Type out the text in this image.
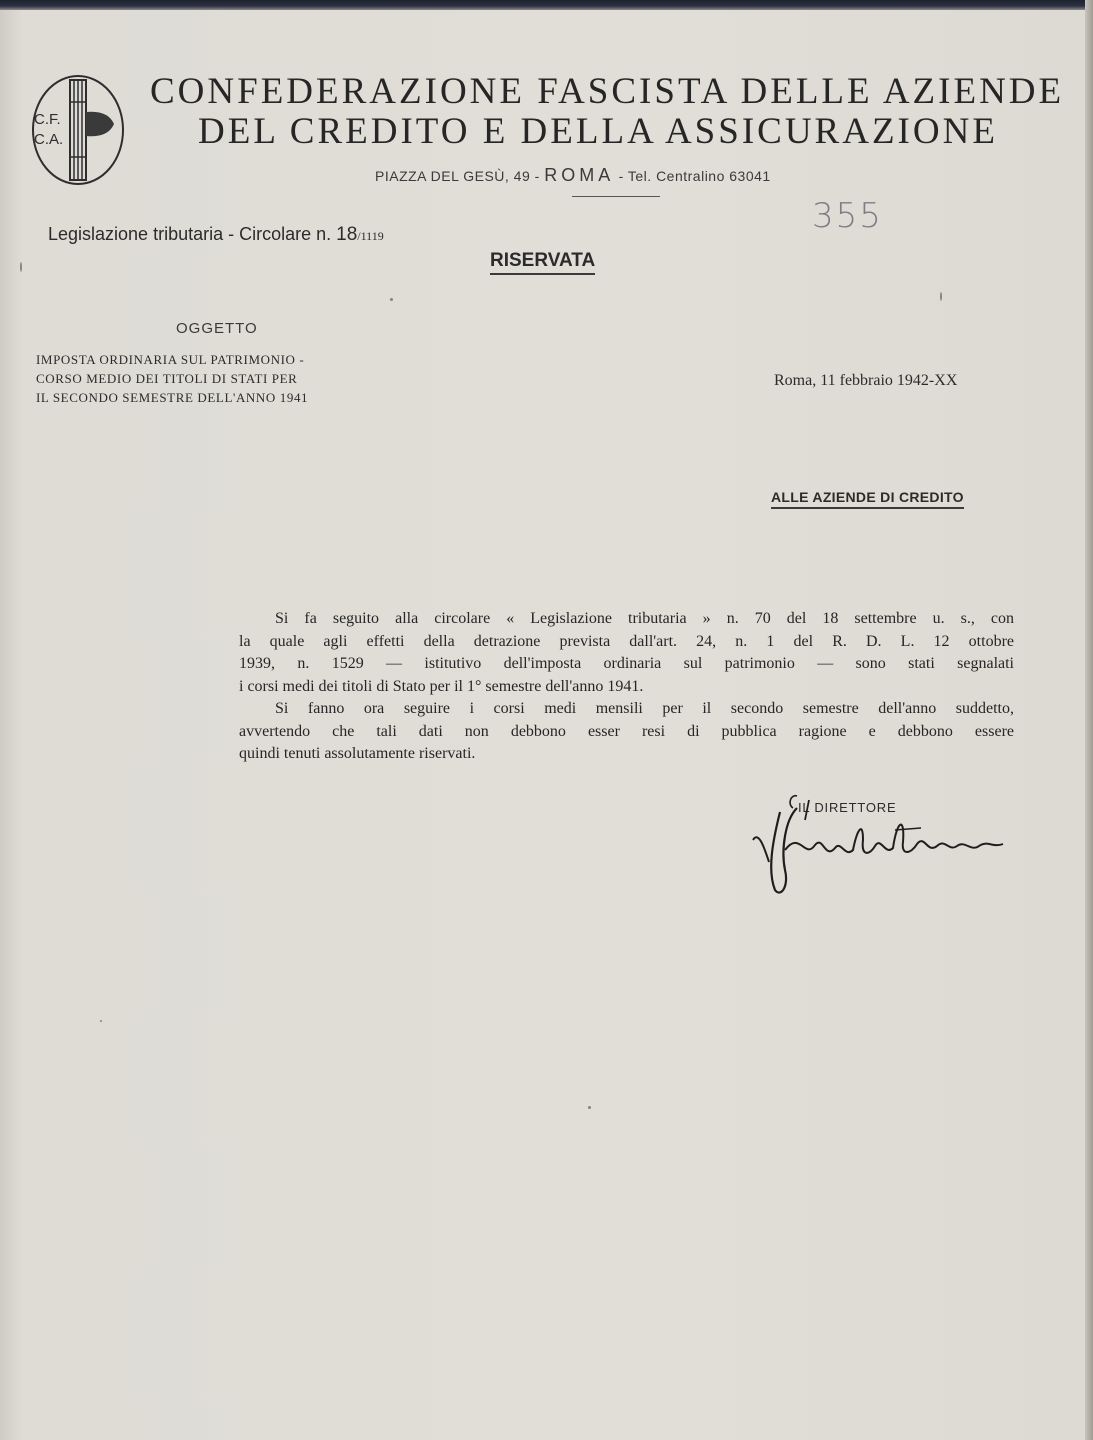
C.F.
C.A.
CONFEDERAZIONE FASCISTA DELLE AZIENDE
DEL CREDITO E DELLA ASSICURAZIONE
PIAZZA DEL GESÙ, 49 - ROMA - Tel. Centralino 63041
Legislazione tributaria - Circolare n. 18/1119	355
RISERVATA
OGGETTO
IMPOSTA ORDINARIA SUL PATRIMONIO -
CORSO MEDIO DEI TITOLI DI STATI PER
IL SECONDO SEMESTRE DELL'ANNO 1941
Roma, 11 febbraio 1942-XX
ALLE AZIENDE DI CREDITO
Si fa seguito alla circolare « Legislazione tributaria » n. 70 del 18 settembre u. s., con
la quale agli effetti della detrazione prevista dall'art. 24, n. 1 del R. D. L. 12 ottobre
1939, n. 1529 — istitutivo dell'imposta ordinaria sul patrimonio — sono stati segnalati
i corsi medi dei titoli di Stato per il 1° semestre dell'anno 1941.
Si fanno ora seguire i corsi medi mensili per il secondo semestre dell'anno suddetto,
avvertendo che tali dati non debbono esser resi di pubblica ragione e debbono essere
quindi tenuti assolutamente riservati.
IL DIRETTORE
